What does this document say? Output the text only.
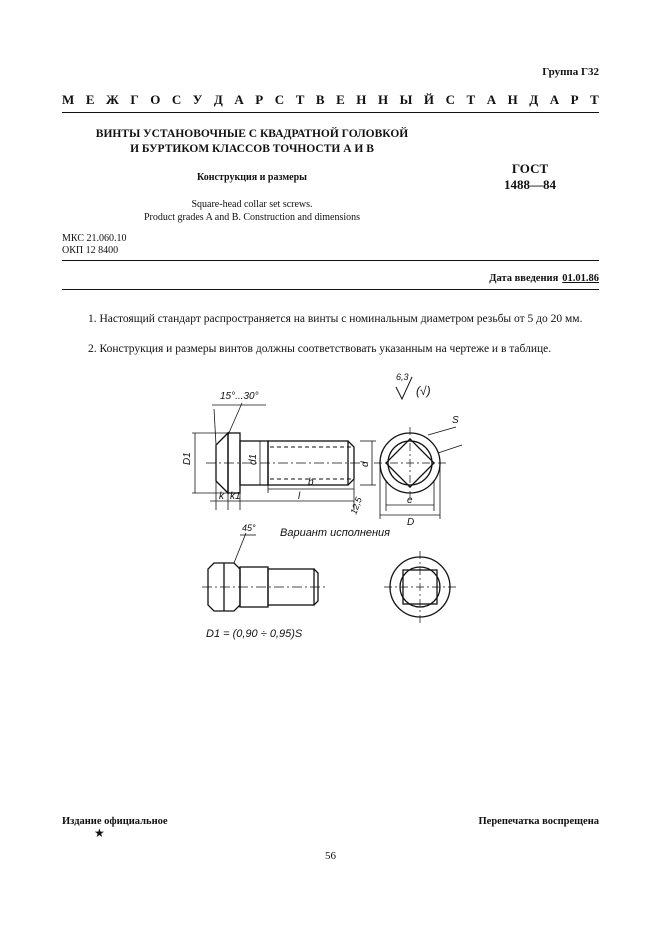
Группа Г32
М Е Ж Г О С У Д А Р С Т В Е Н Н Ы Й С Т А Н Д А Р Т
ВИНТЫ УСТАНОВОЧНЫЕ С КВАДРАТНОЙ ГОЛОВКОЙ
И БУРТИКОМ КЛАССОВ ТОЧНОСТИ А И В
Конструкция и размеры
ГОСТ
1488—84
Square-head collar set screws.
Product grades A and B. Construction and dimensions
МКС 21.060.10
ОКП 12 8400
Дата введения 01.01.86
1. Настоящий стандарт распространяется на винты с номинальным диаметром резьбы от 5 до 20 мм.
2. Конструкция и размеры винтов должны соответствовать указанным на чертеже и в таблице.
15°...30°
D1	d1	d
b
k k1	l	12,5
S
e
D
6,3
(√)
45° Вариант исполнения
D1 = (0,90 ÷ 0,95)S
Издание официальное
★
Перепечатка воспрещена
56
